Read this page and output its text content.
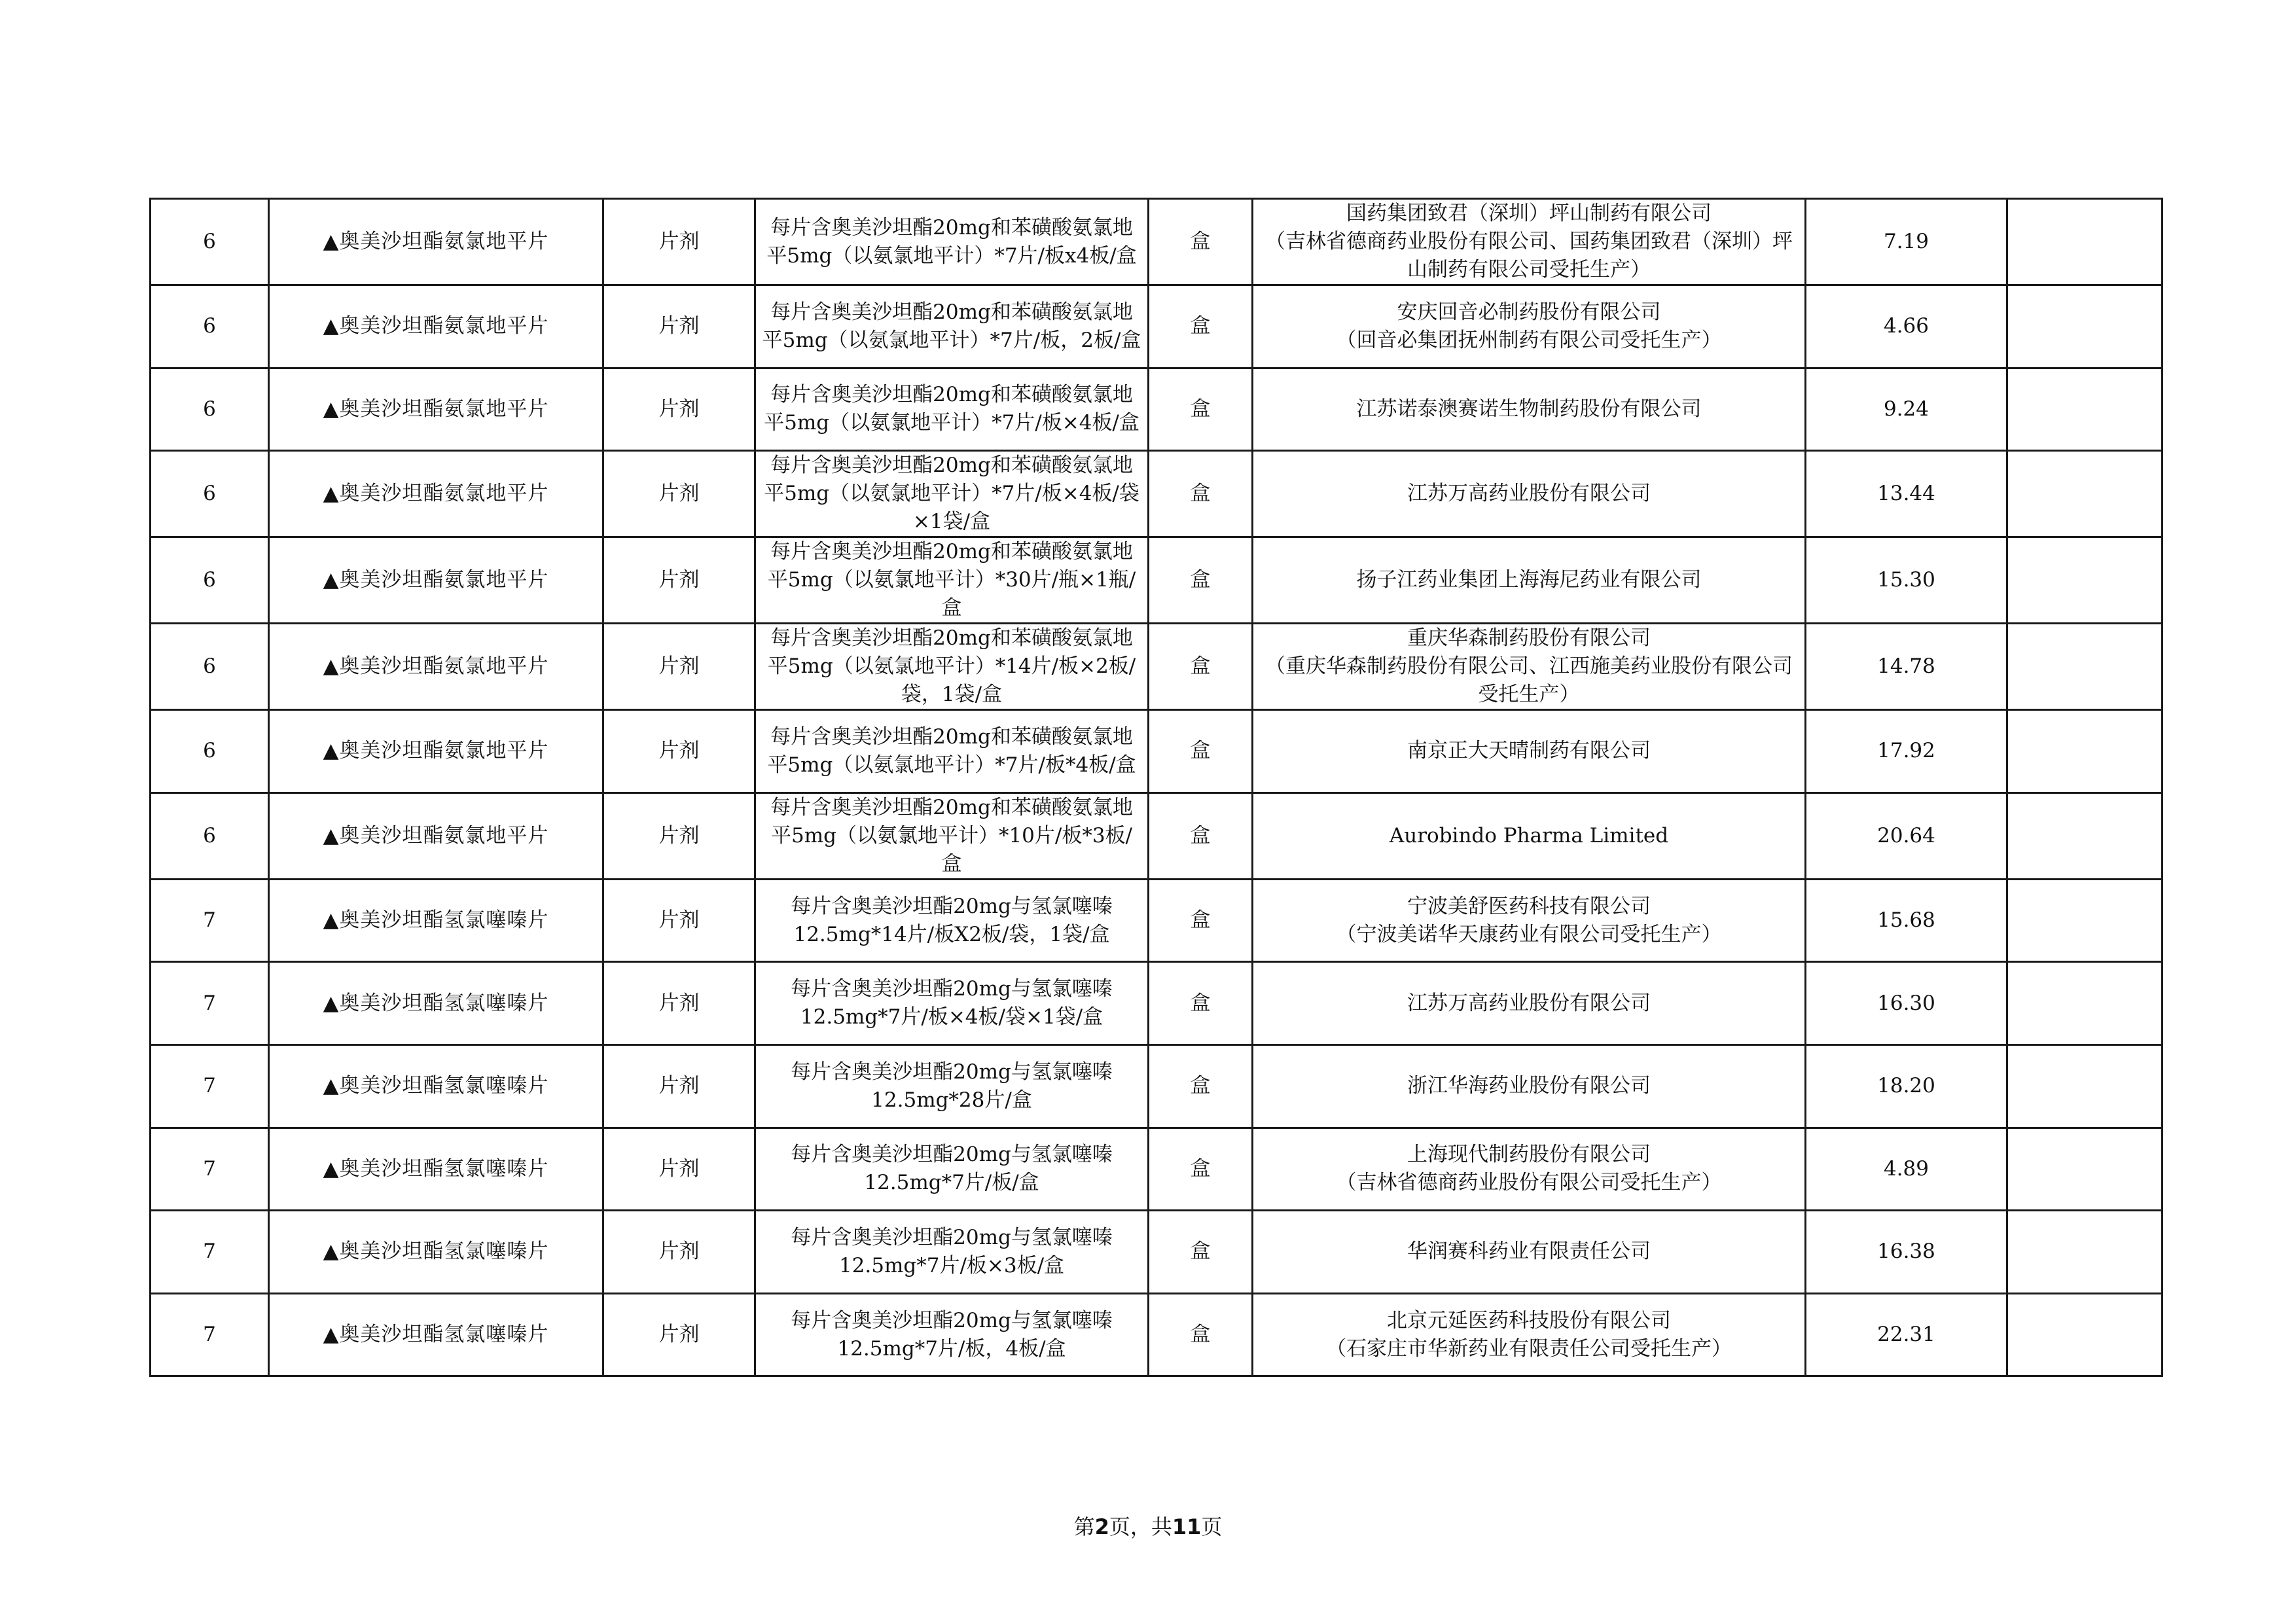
6	▲奥美沙坦酯氨氯地平片	片剂	每片含奥美沙坦酯20mg和苯磺酸氨氯地平5mg（以氨氯地平计）*7片/板x4板/盒	盒	国药集团致君（深圳）坪山制药有限公司
（吉林省德商药业股份有限公司、国药集团致君（深圳）坪山制药有限公司受托生产）	7.19	
6	▲奥美沙坦酯氨氯地平片	片剂	每片含奥美沙坦酯20mg和苯磺酸氨氯地平5mg（以氨氯地平计）*7片/板，2板/盒	盒	安庆回音必制药股份有限公司
（回音必集团抚州制药有限公司受托生产）	4.66	
6	▲奥美沙坦酯氨氯地平片	片剂	每片含奥美沙坦酯20mg和苯磺酸氨氯地平5mg（以氨氯地平计）*7片/板×4板/盒	盒	江苏诺泰澳赛诺生物制药股份有限公司	9.24	
6	▲奥美沙坦酯氨氯地平片	片剂	每片含奥美沙坦酯20mg和苯磺酸氨氯地平5mg（以氨氯地平计）*7片/板×4板/袋×1袋/盒	盒	江苏万高药业股份有限公司	13.44	
6	▲奥美沙坦酯氨氯地平片	片剂	每片含奥美沙坦酯20mg和苯磺酸氨氯地平5mg（以氨氯地平计）*30片/瓶×1瓶/盒	盒	扬子江药业集团上海海尼药业有限公司	15.30	
6	▲奥美沙坦酯氨氯地平片	片剂	每片含奥美沙坦酯20mg和苯磺酸氨氯地平5mg（以氨氯地平计）*14片/板×2板/袋，1袋/盒	盒	重庆华森制药股份有限公司
（重庆华森制药股份有限公司、江西施美药业股份有限公司受托生产）	14.78	
6	▲奥美沙坦酯氨氯地平片	片剂	每片含奥美沙坦酯20mg和苯磺酸氨氯地平5mg（以氨氯地平计）*7片/板*4板/盒	盒	南京正大天晴制药有限公司	17.92	
6	▲奥美沙坦酯氨氯地平片	片剂	每片含奥美沙坦酯20mg和苯磺酸氨氯地平5mg（以氨氯地平计）*10片/板*3板/盒	盒	Aurobindo Pharma Limited	20.64	
7	▲奥美沙坦酯氢氯噻嗪片	片剂	每片含奥美沙坦酯20mg与氢氯噻嗪12.5mg*14片/板X2板/袋，1袋/盒	盒	宁波美舒医药科技有限公司
（宁波美诺华天康药业有限公司受托生产）	15.68	
7	▲奥美沙坦酯氢氯噻嗪片	片剂	每片含奥美沙坦酯20mg与氢氯噻嗪12.5mg*7片/板×4板/袋×1袋/盒	盒	江苏万高药业股份有限公司	16.30	
7	▲奥美沙坦酯氢氯噻嗪片	片剂	每片含奥美沙坦酯20mg与氢氯噻嗪12.5mg*28片/盒	盒	浙江华海药业股份有限公司	18.20	
7	▲奥美沙坦酯氢氯噻嗪片	片剂	每片含奥美沙坦酯20mg与氢氯噻嗪12.5mg*7片/板/盒	盒	上海现代制药股份有限公司
（吉林省德商药业股份有限公司受托生产）	4.89	
7	▲奥美沙坦酯氢氯噻嗪片	片剂	每片含奥美沙坦酯20mg与氢氯噻嗪12.5mg*7片/板×3板/盒	盒	华润赛科药业有限责任公司	16.38	
7	▲奥美沙坦酯氢氯噻嗪片	片剂	每片含奥美沙坦酯20mg与氢氯噻嗪12.5mg*7片/板，4板/盒	盒	北京元延医药科技股份有限公司
（石家庄市华新药业有限责任公司受托生产）	22.31	
第2页，共11页
